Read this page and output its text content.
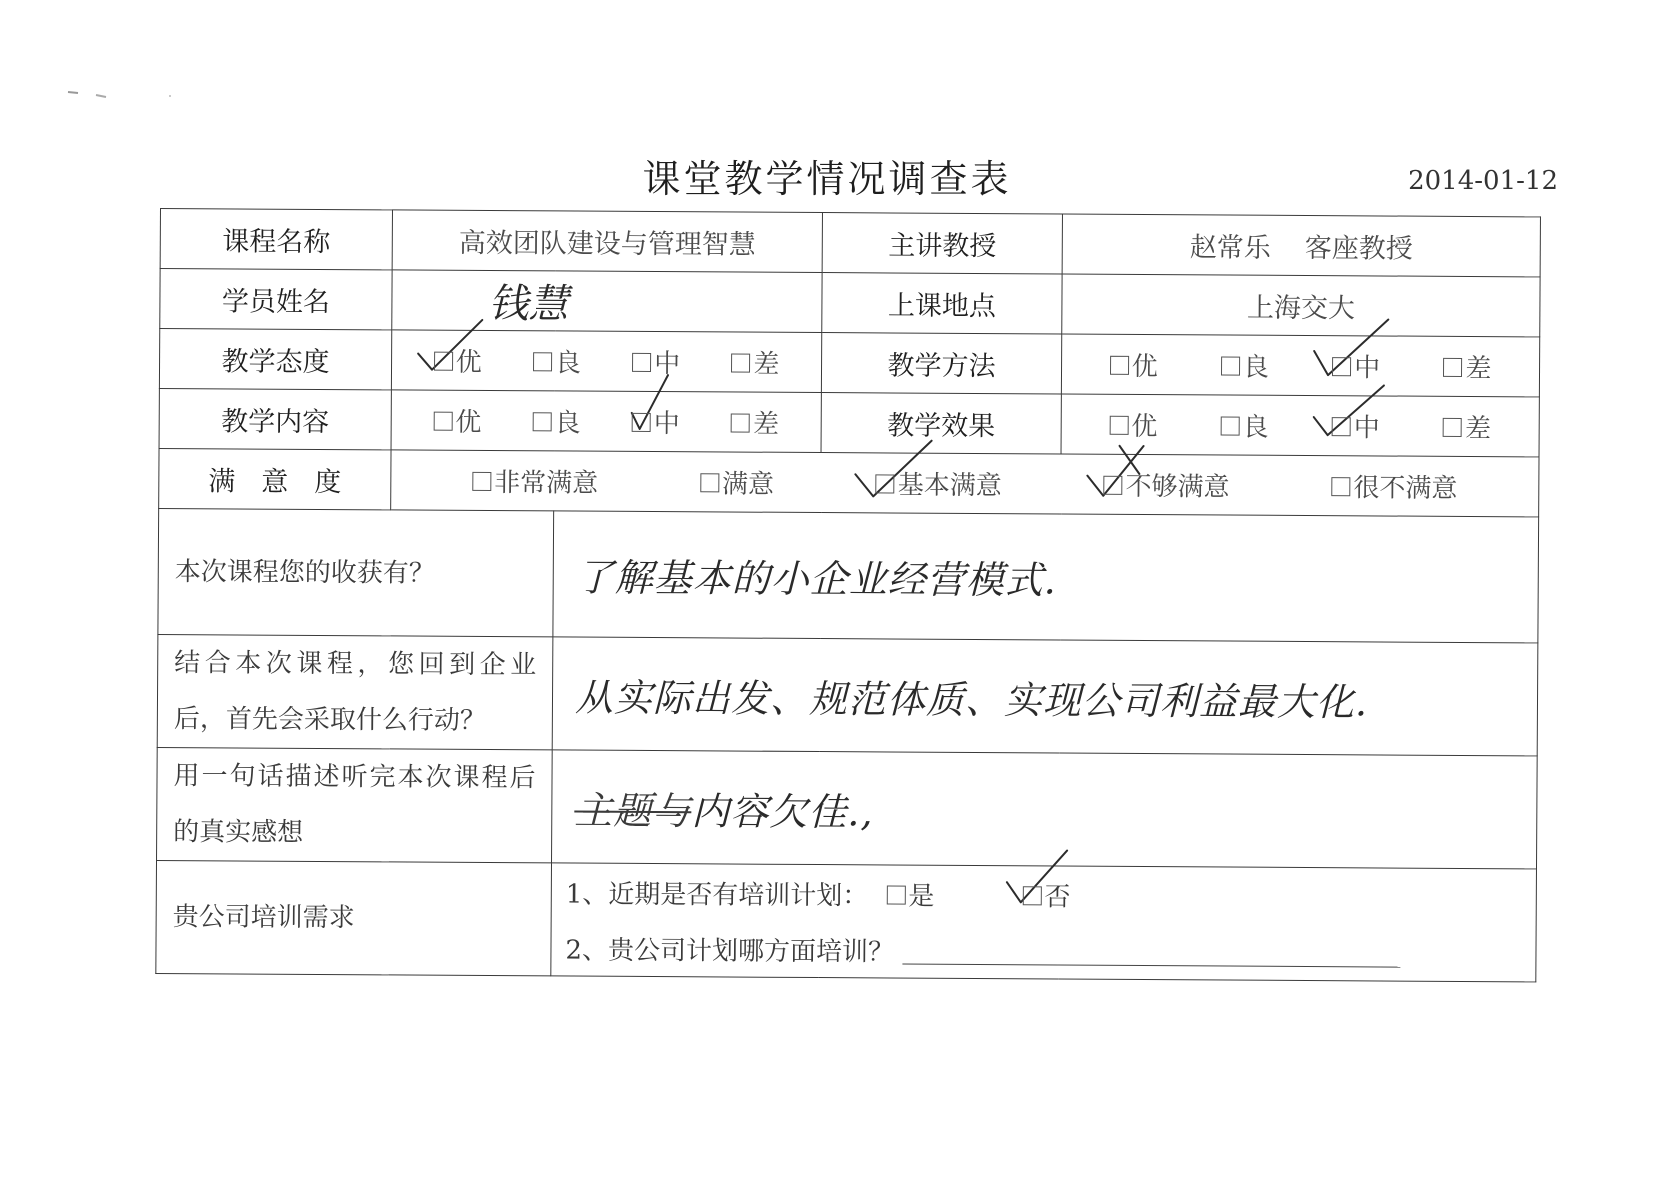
课堂教学情况调查表	2014-01-12
课程名称	高效团队建设与管理智慧		主讲教授	赵常乐 客座教授
学员姓名	钱慧		上课地点	上海交大
教学态度	优 良 中 差		教学方法	优 良 中 差

教学内容	优 良 中 差		教学效果	优 良 中 差

满意度	非常满意 满意 基本满意 不够满意 很不满意			

本次课程您的收获有？		了解基本的小企业经营模式.		
结合本次课程，您回到企业后，首先会采取什么行动？		从实际出发、规范体质、实现公司利益最大化.		
用一句话描述听完本次课程后的真实感想		主题与内容欠佳.,		
贵公司培训需求		1、近期是否有培训计划： 是 否
2、贵公司计划哪方面培训？		
